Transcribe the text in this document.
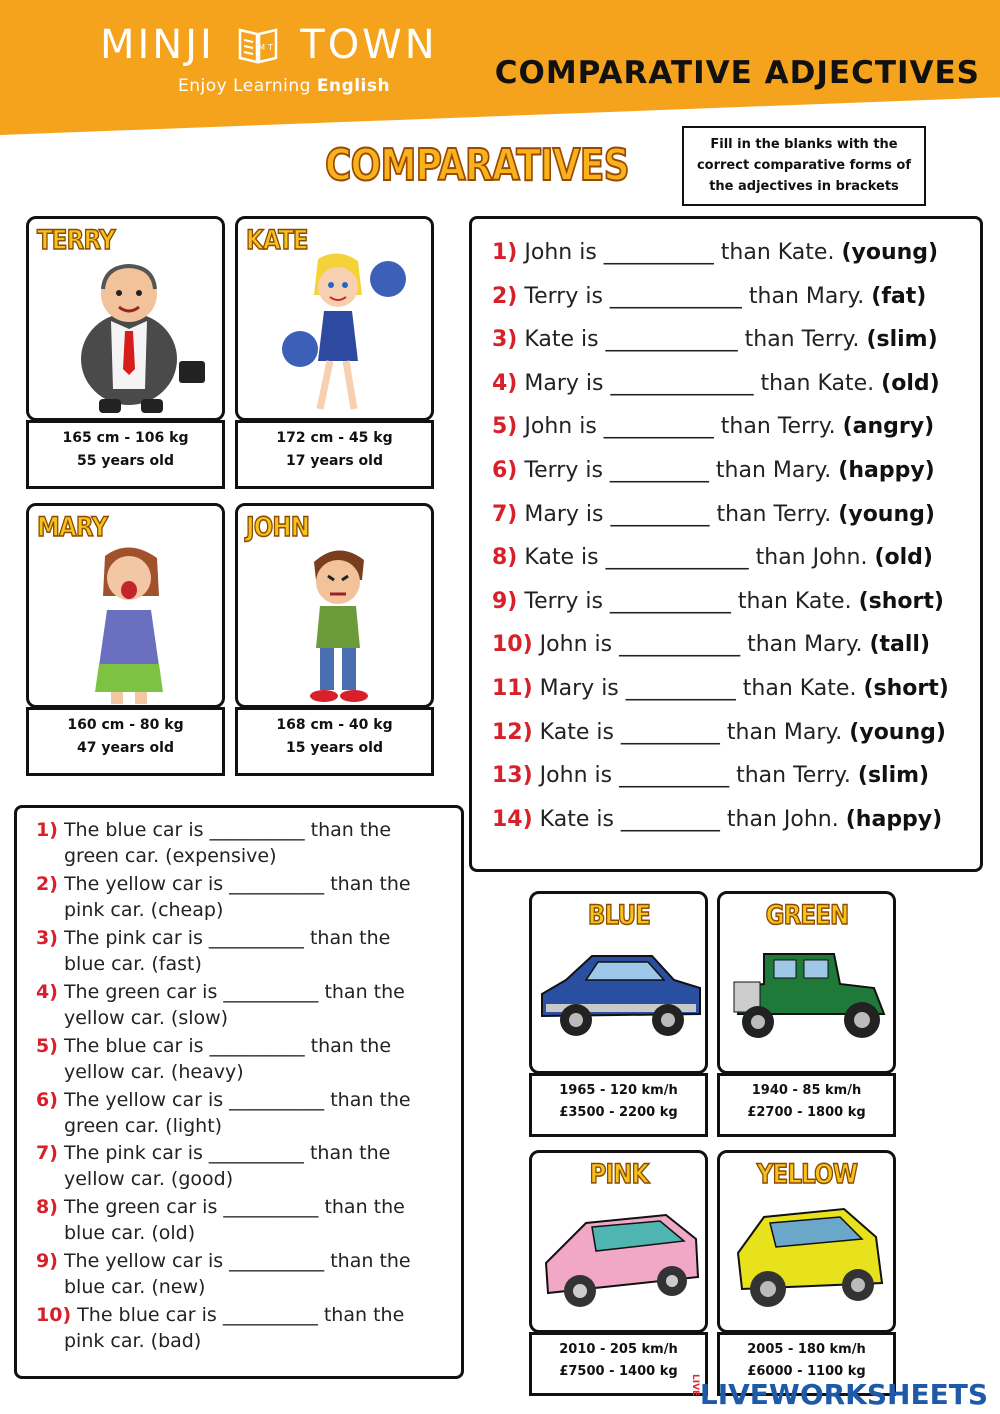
MINJI	MT TOWN
Enjoy Learning English	COMPARATIVE ADJECTIVES
COMPARATIVES	Fill in the blanks with the
correct comparative forms of
the adjectives in brackets
TERRY
165 cm - 106 kg
55 years old
KATE
172 cm - 45 kg
17 years old
MARY
160 cm - 80 kg
47 years old
JOHN
168 cm - 40 kg
15 years old
1) John is __________ than Kate. (young)
2) Terry is ____________ than Mary. (fat)
3) Kate is ____________ than Terry. (slim)
4) Mary is _____________ than Kate. (old)
5) John is __________ than Terry. (angry)
6) Terry is _________ than Mary. (happy)
7) Mary is _________ than Terry. (young)
8) Kate is _____________ than John. (old)
9) Terry is ___________ than Kate. (short)
10) John is ___________ than Mary. (tall)
11) Mary is __________ than Kate. (short)
12) Kate is _________ than Mary. (young)
13) John is __________ than Terry. (slim)
14) Kate is _________ than John. (happy)
1) The blue car is __________ than the
green car. (expensive)
2) The yellow car is __________ than the
pink car. (cheap)
3) The pink car is __________ than the
blue car. (fast)
4) The green car is __________ than the
yellow car. (slow)
5) The blue car is __________ than the
yellow car. (heavy)
6) The yellow car is __________ than the
green car. (light)
7) The pink car is __________ than the
yellow car. (good)
8) The green car is __________ than the
blue car. (old)
9) The yellow car is __________ than the
blue car. (new)
10) The blue car is __________ than the
pink car. (bad)
BLUE
1965 - 120 km/h
£3500 - 2200 kg
GREEN
1940 - 85 km/h
£2700 - 1800 kg
PINK
2010 - 205 km/h
£7500 - 1400 kg
YELLOW
2005 - 180 km/h
£6000 - 1100 kg
LIVELIVEWORKSHEETS
